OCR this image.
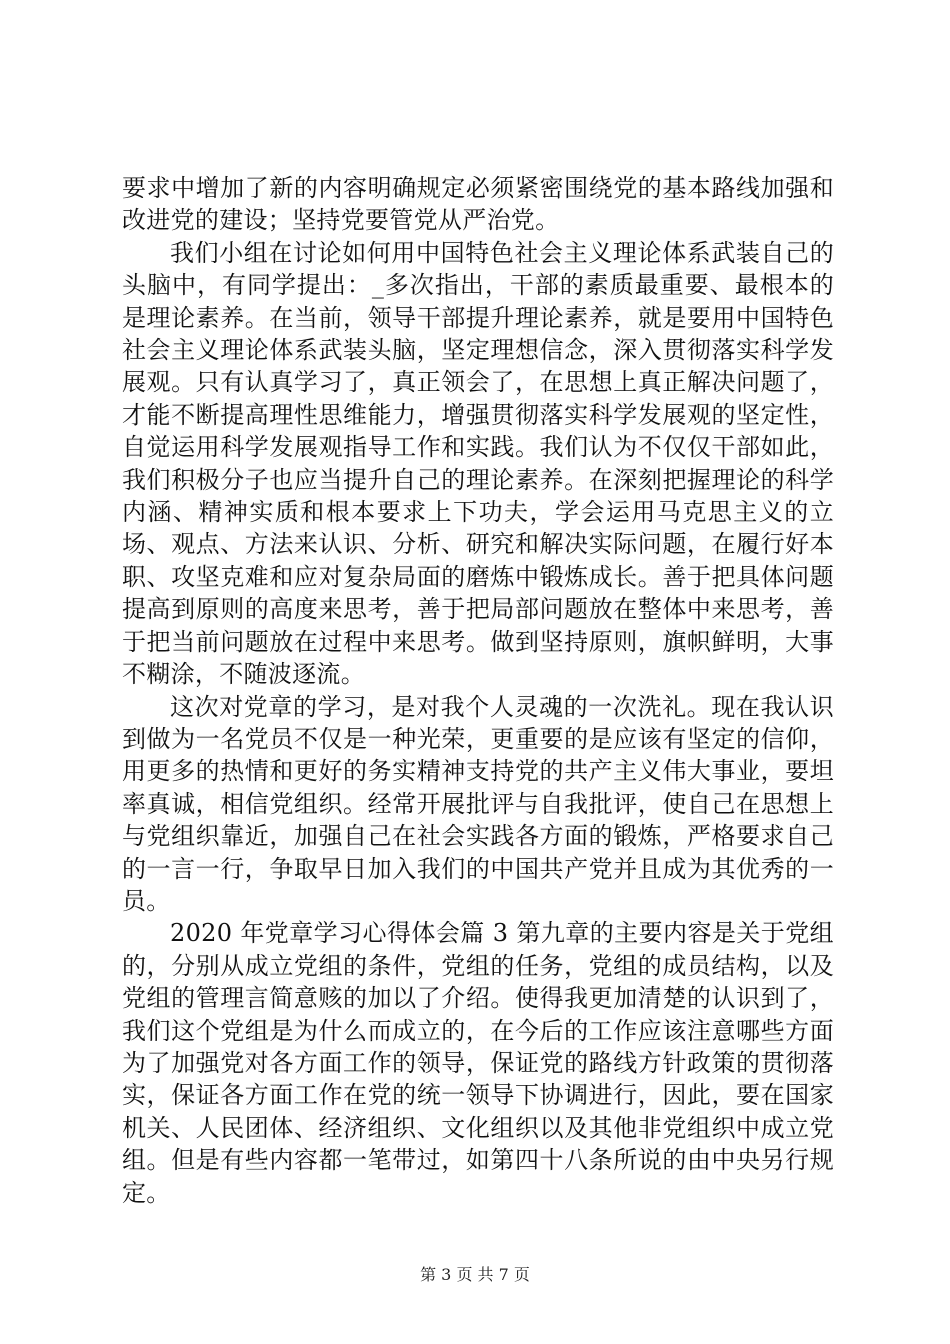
要求中增加了新的内容明确规定必须紧密围绕党的基本路线加强和改进党的建设；坚持党要管党从严治党。

我们小组在讨论如何用中国特色社会主义理论体系武装自己的头脑中，有同学提出：_多次指出，干部的素质最重要、最根本的是理论素养。在当前，领导干部提升理论素养，就是要用中国特色社会主义理论体系武装头脑，坚定理想信念，深入贯彻落实科学发展观。只有认真学习了，真正领会了，在思想上真正解决问题了，才能不断提高理性思维能力，增强贯彻落实科学发展观的坚定性，自觉运用科学发展观指导工作和实践。我们认为不仅仅干部如此，我们积极分子也应当提升自己的理论素养。在深刻把握理论的科学内涵、精神实质和根本要求上下功夫，学会运用马克思主义的立场、观点、方法来认识、分析、研究和解决实际问题，在履行好本职、攻坚克难和应对复杂局面的磨炼中锻炼成长。善于把具体问题提高到原则的高度来思考，善于把局部问题放在整体中来思考，善于把当前问题放在过程中来思考。做到坚持原则，旗帜鲜明，大事不糊涂，不随波逐流。

这次对党章的学习，是对我个人灵魂的一次洗礼。现在我认识到做为一名党员不仅是一种光荣，更重要的是应该有坚定的信仰，用更多的热情和更好的务实精神支持党的共产主义伟大事业，要坦率真诚，相信党组织。经常开展批评与自我批评，使自己在思想上与党组织靠近，加强自己在社会实践各方面的锻炼，严格要求自己的一言一行，争取早日加入我们的中国共产党并且成为其优秀的一员。

2020 年党章学习心得体会篇 3 第九章的主要内容是关于党组的，分别从成立党组的条件，党组的任务，党组的成员结构，以及党组的管理言简意赅的加以了介绍。使得我更加清楚的认识到了，我们这个党组是为什么而成立的，在今后的工作应该注意哪些方面为了加强党对各方面工作的领导，保证党的路线方针政策的贯彻落实，保证各方面工作在党的统一领导下协调进行，因此，要在国家机关、人民团体、经济组织、文化组织以及其他非党组织中成立党组。但是有些内容都一笔带过，如第四十八条所说的由中央另行规定。

第 3 页 共 7 页
